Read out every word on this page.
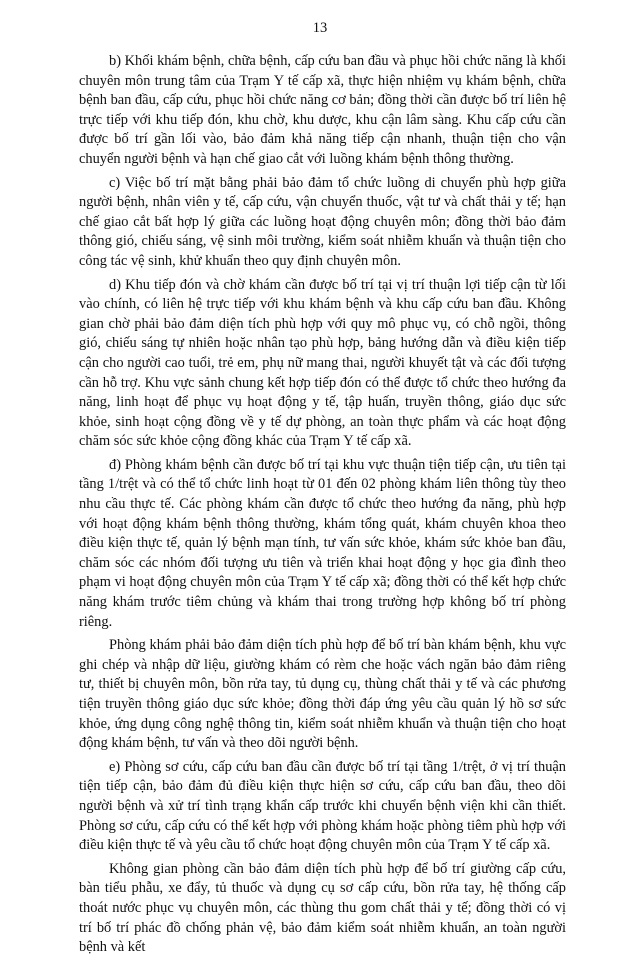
13

b) Khối khám bệnh, chữa bệnh, cấp cứu ban đầu và phục hồi chức năng là khối chuyên môn trung tâm của Trạm Y tế cấp xã, thực hiện nhiệm vụ khám bệnh, chữa bệnh ban đầu, cấp cứu, phục hồi chức năng cơ bản; đồng thời cần được bố trí liên hệ trực tiếp với khu tiếp đón, khu chờ, khu dược, khu cận lâm sàng. Khu cấp cứu cần được bố trí gần lối vào, bảo đảm khả năng tiếp cận nhanh, thuận tiện cho vận chuyển người bệnh và hạn chế giao cắt với luồng khám bệnh thông thường.

c) Việc bố trí mặt bằng phải bảo đảm tổ chức luồng di chuyển phù hợp giữa người bệnh, nhân viên y tế, cấp cứu, vận chuyển thuốc, vật tư và chất thải y tế; hạn chế giao cắt bất hợp lý giữa các luồng hoạt động chuyên môn; đồng thời bảo đảm thông gió, chiếu sáng, vệ sinh môi trường, kiểm soát nhiễm khuẩn và thuận tiện cho công tác vệ sinh, khử khuẩn theo quy định chuyên môn.

d) Khu tiếp đón và chờ khám cần được bố trí tại vị trí thuận lợi tiếp cận từ lối vào chính, có liên hệ trực tiếp với khu khám bệnh và khu cấp cứu ban đầu. Không gian chờ phải bảo đảm diện tích phù hợp với quy mô phục vụ, có chỗ ngồi, thông gió, chiếu sáng tự nhiên hoặc nhân tạo phù hợp, bảng hướng dẫn và điều kiện tiếp cận cho người cao tuổi, trẻ em, phụ nữ mang thai, người khuyết tật và các đối tượng cần hỗ trợ. Khu vực sảnh chung kết hợp tiếp đón có thể được tổ chức theo hướng đa năng, linh hoạt để phục vụ hoạt động y tế, tập huấn, truyền thông, giáo dục sức khỏe, sinh hoạt cộng đồng về y tế dự phòng, an toàn thực phẩm và các hoạt động chăm sóc sức khỏe cộng đồng khác của Trạm Y tế cấp xã.

đ) Phòng khám bệnh cần được bố trí tại khu vực thuận tiện tiếp cận, ưu tiên tại tầng 1/trệt và có thể tổ chức linh hoạt từ 01 đến 02 phòng khám liên thông tùy theo nhu cầu thực tế. Các phòng khám cần được tổ chức theo hướng đa năng, phù hợp với hoạt động khám bệnh thông thường, khám tổng quát, khám chuyên khoa theo điều kiện thực tế, quản lý bệnh mạn tính, tư vấn sức khỏe, khám sức khỏe ban đầu, chăm sóc các nhóm đối tượng ưu tiên và triển khai hoạt động y học gia đình theo phạm vi hoạt động chuyên môn của Trạm Y tế cấp xã; đồng thời có thể kết hợp chức năng khám trước tiêm chủng và khám thai trong trường hợp không bố trí phòng riêng.

Phòng khám phải bảo đảm diện tích phù hợp để bố trí bàn khám bệnh, khu vực ghi chép và nhập dữ liệu, giường khám có rèm che hoặc vách ngăn bảo đảm riêng tư, thiết bị chuyên môn, bồn rửa tay, tủ dụng cụ, thùng chất thải y tế và các phương tiện truyền thông giáo dục sức khỏe; đồng thời đáp ứng yêu cầu quản lý hồ sơ sức khỏe, ứng dụng công nghệ thông tin, kiểm soát nhiễm khuẩn và thuận tiện cho hoạt động khám bệnh, tư vấn và theo dõi người bệnh.

e) Phòng sơ cứu, cấp cứu ban đầu cần được bố trí tại tầng 1/trệt, ở vị trí thuận tiện tiếp cận, bảo đảm đủ điều kiện thực hiện sơ cứu, cấp cứu ban đầu, theo dõi người bệnh và xử trí tình trạng khẩn cấp trước khi chuyển bệnh viện khi cần thiết. Phòng sơ cứu, cấp cứu có thể kết hợp với phòng khám hoặc phòng tiêm phù hợp với điều kiện thực tế và yêu cầu tổ chức hoạt động chuyên môn của Trạm Y tế cấp xã.

Không gian phòng cần bảo đảm diện tích phù hợp để bố trí giường cấp cứu, bàn tiểu phẫu, xe đẩy, tủ thuốc và dụng cụ sơ cấp cứu, bồn rửa tay, hệ thống cấp thoát nước phục vụ chuyên môn, các thùng thu gom chất thải y tế; đồng thời có vị trí bố trí phác đồ chống phản vệ, bảo đảm kiểm soát nhiễm khuẩn, an toàn người bệnh và kết
